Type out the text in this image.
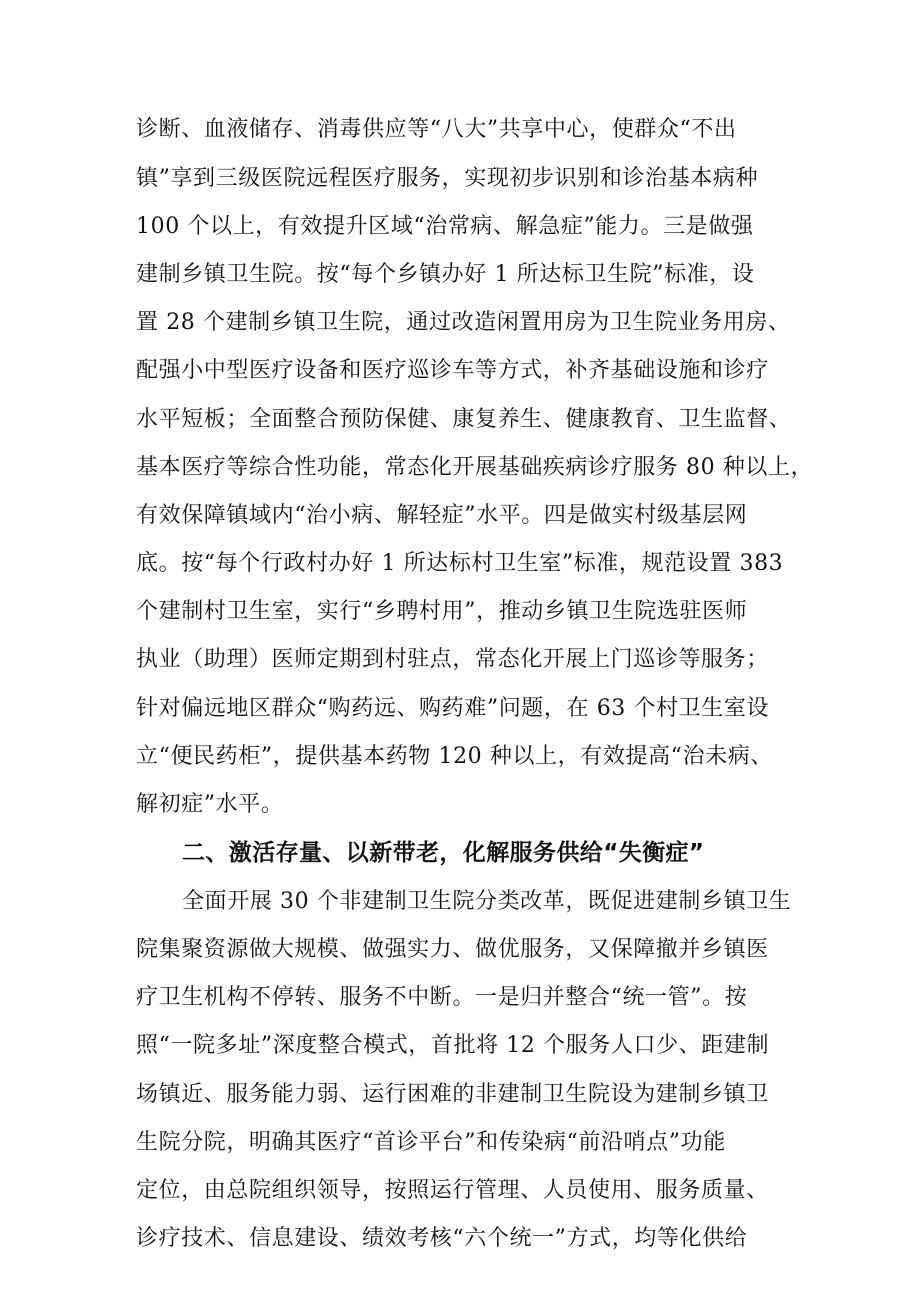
诊断、血液储存、消毒供应等“八大”共享中心，使群众“不出
镇”享到三级医院远程医疗服务，实现初步识别和诊治基本病种
100 个以上，有效提升区域“治常病、解急症”能力。三是做强
建制乡镇卫生院。按“每个乡镇办好 1 所达标卫生院”标准，设
置 28 个建制乡镇卫生院，通过改造闲置用房为卫生院业务用房、
配强小中型医疗设备和医疗巡诊车等方式，补齐基础设施和诊疗
水平短板；全面整合预防保健、康复养生、健康教育、卫生监督、
基本医疗等综合性功能，常态化开展基础疾病诊疗服务 80 种以上，
有效保障镇域内“治小病、解轻症”水平。四是做实村级基层网
底。按“每个行政村办好 1 所达标村卫生室”标准，规范设置 383
个建制村卫生室，实行“乡聘村用”，推动乡镇卫生院选驻医师
执业（助理）医师定期到村驻点，常态化开展上门巡诊等服务；
针对偏远地区群众“购药远、购药难”问题，在 63 个村卫生室设
立“便民药柜”，提供基本药物 120 种以上，有效提高“治未病、
解初症”水平。
二、激活存量、以新带老，化解服务供给“失衡症”
全面开展 30 个非建制卫生院分类改革，既促进建制乡镇卫生
院集聚资源做大规模、做强实力、做优服务，又保障撤并乡镇医
疗卫生机构不停转、服务不中断。一是归并整合“统一管”。按
照“一院多址”深度整合模式，首批将 12 个服务人口少、距建制
场镇近、服务能力弱、运行困难的非建制卫生院设为建制乡镇卫
生院分院，明确其医疗“首诊平台”和传染病“前沿哨点”功能
定位，由总院组织领导，按照运行管理、人员使用、服务质量、
诊疗技术、信息建设、绩效考核“六个统一”方式，均等化供给
